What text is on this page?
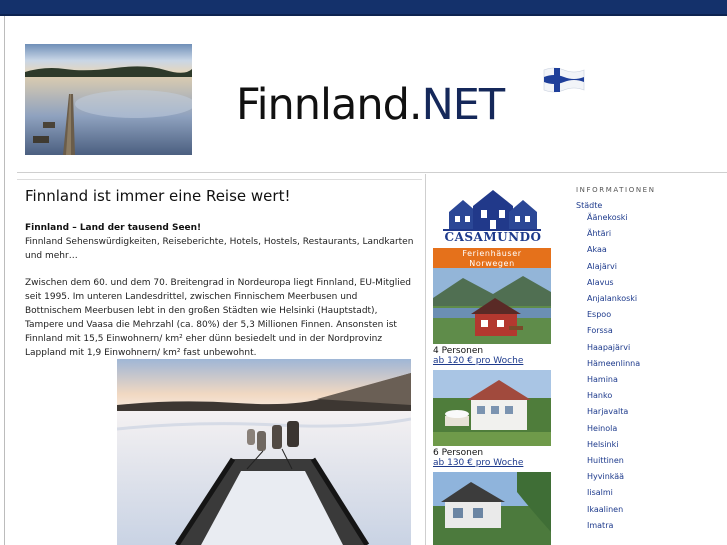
Finnland.NET
Finnland ist immer eine Reise wert!
Finnland – Land der tausend Seen!

Finnland Sehenswürdigkeiten, Reiseberichte, Hotels, Hostels, Restaurants, Landkarten und mehr…

Zwischen dem 60. und dem 70. Breitengrad in Nordeuropa liegt Finnland, EU-Mitglied seit 1995. Im unteren Landesdrittel, zwischen Finnischem Meerbusen und Bottnischem Meerbusen lebt in den großen Städten wie Helsinki (Hauptstadt), Tampere und Vaasa die Mehrzahl (ca. 80%) der 5,3 Millionen Finnen. Ansonsten ist Finnland mit 15,5 Einwohnern/ km² eher dünn besiedelt und in der Nordprovinz Lappland mit 1,9 Einwohnern/ km² fast unbewohnt.

CASAMUNDO
Ferienhäuser
Norwegen
4 Personen
ab 120 € pro Woche
6 Personen
ab 130 € pro Woche
INFORMATIONEN
Städte
Äänekoski
Ähtäri
Akaa
Alajärvi
Alavus
Anjalankoski
Espoo
Forssa
Haapajärvi
Hämeenlinna
Hamina
Hanko
Harjavalta
Heinola
Helsinki
Huittinen
Hyvinkää
Iisalmi
Ikaalinen
Imatra
